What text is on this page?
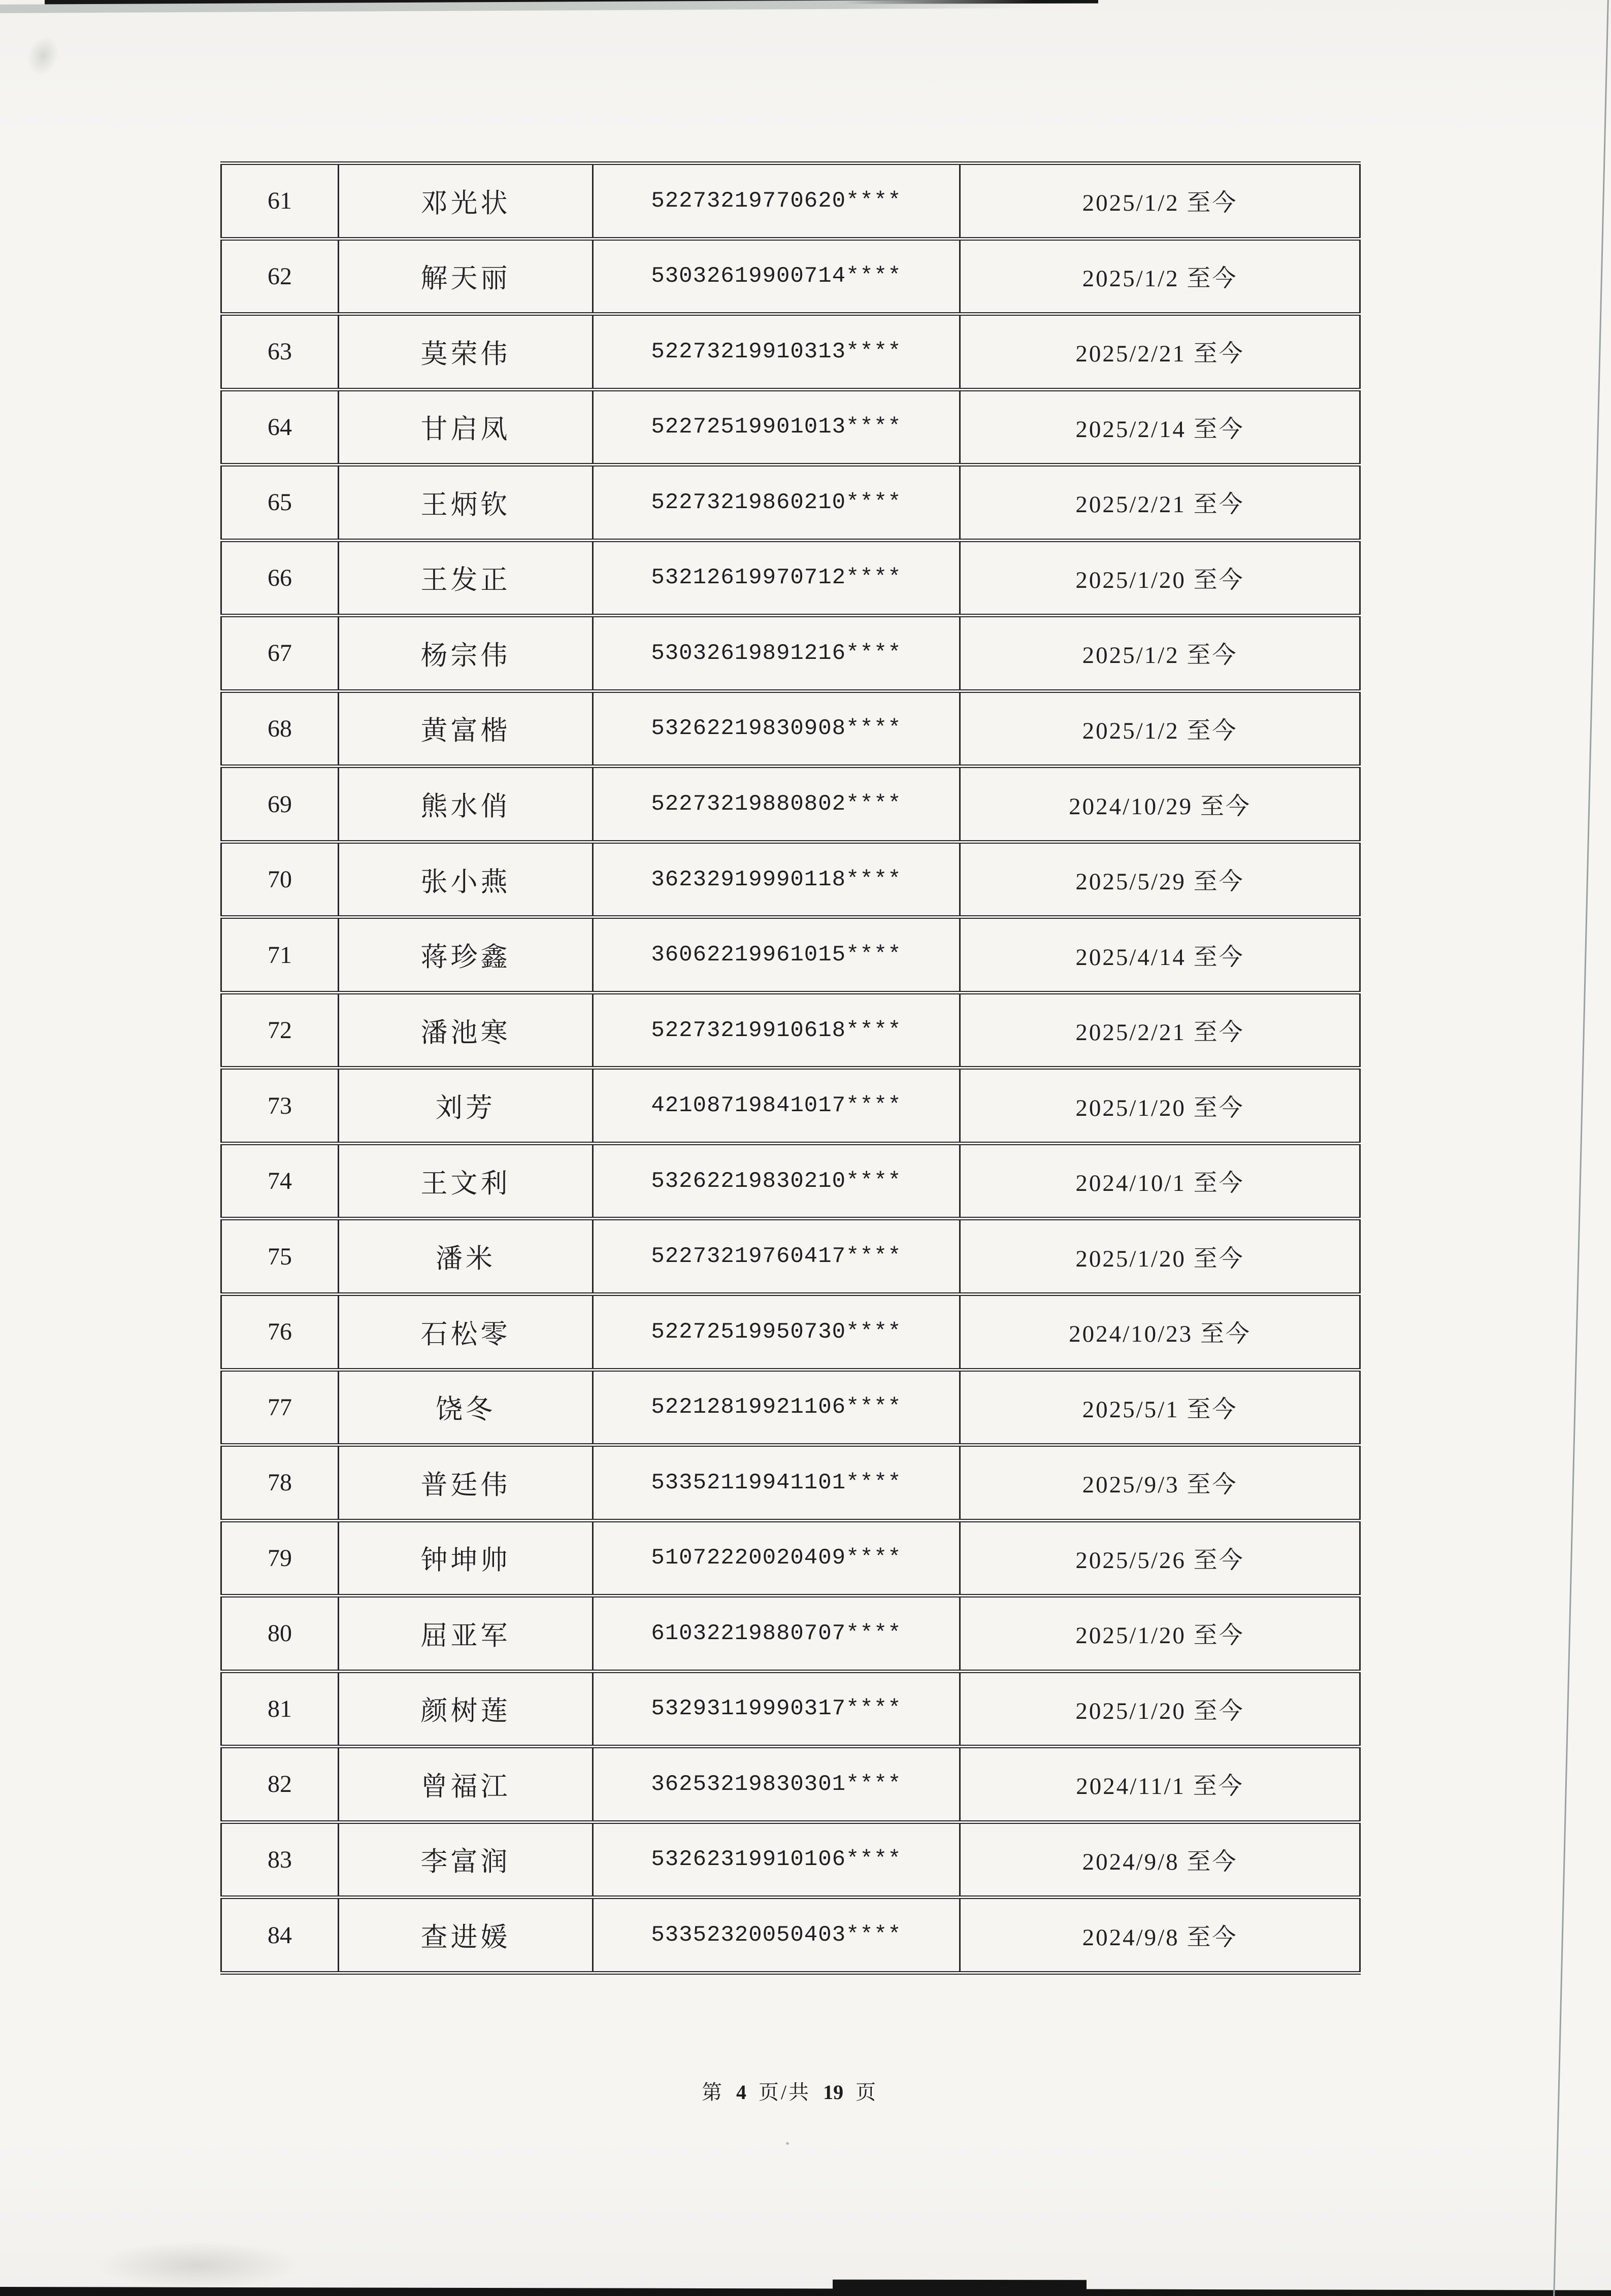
61	邓光状	52273219770620****	2025/1/2 至今
62	解天丽	53032619900714****	2025/1/2 至今
63	莫荣伟	52273219910313****	2025/2/21 至今
64	甘启凤	52272519901013****	2025/2/14 至今
65	王炳钦	52273219860210****	2025/2/21 至今
66	王发正	53212619970712****	2025/1/20 至今
67	杨宗伟	53032619891216****	2025/1/2 至今
68	黄富楷	53262219830908****	2025/1/2 至今
69	熊水俏	52273219880802****	2024/10/29 至今
70	张小燕	36232919990118****	2025/5/29 至今
71	蒋珍鑫	36062219961015****	2025/4/14 至今
72	潘池寒	52273219910618****	2025/2/21 至今
73	刘芳	42108719841017****	2025/1/20 至今
74	王文利	53262219830210****	2024/10/1 至今
75	潘米	52273219760417****	2025/1/20 至今
76	石松零	52272519950730****	2024/10/23 至今
77	饶冬	52212819921106****	2025/5/1 至今
78	普廷伟	53352119941101****	2025/9/3 至今
79	钟坤帅	51072220020409****	2025/5/26 至今
80	屈亚军	61032219880707****	2025/1/20 至今
81	颜树莲	53293119990317****	2025/1/20 至今
82	曾福江	36253219830301****	2024/11/1 至今
83	李富润	53262319910106****	2024/9/8 至今
84	查进媛	53352320050403****	2024/9/8 至今
第 4 页/共 19 页
